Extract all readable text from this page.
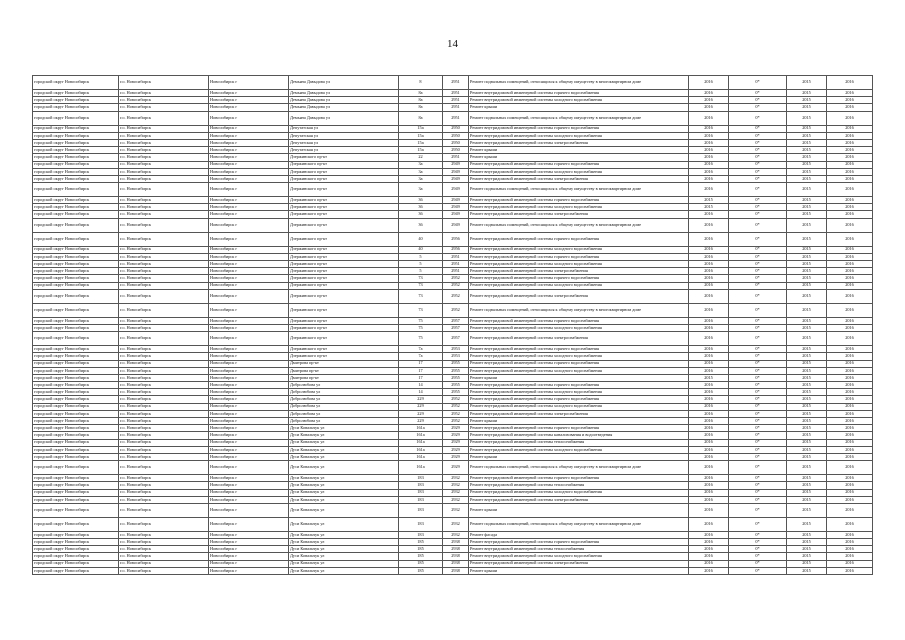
14
городской округ Новосибирск	г.о. Новосибирск	Новосибирск г	Демьяна Давыдова ул	8	2951	Ремонт подвальных помещений, относящихся к общему имуществу в многоквартирном доме	2016	0*	2015	2016
городской округ Новосибирск	г.о. Новосибирск	Новосибирск г	Демьяна Давыдова ул	8а	2951	Ремонт внутридомовой инженерной системы горячего водоснабжения	2016	0*	2015	2016
городской округ Новосибирск	г.о. Новосибирск	Новосибирск г	Демьяна Давыдова ул	8а	2951	Ремонт внутридомовой инженерной системы холодного водоснабжения	2016	0*	2015	2016
городской округ Новосибирск	г.о. Новосибирск	Новосибирск г	Демьяна Давыдова ул	8а	2951	Ремонт крыши	2016	0*	2015	2016
городской округ Новосибирск	г.о. Новосибирск	Новосибирск г	Демьяна Давыдова ул	8а	2951	Ремонт подвальных помещений, относящихся к общему имуществу в многоквартирном доме	2016	0*	2015	2016
городской округ Новосибирск	г.о. Новосибирск	Новосибирск г	Депутатская ул	15а	2950	Ремонт внутридомовой инженерной системы горячего водоснабжения	2016	0*	2015	2016
городской округ Новосибирск	г.о. Новосибирск	Новосибирск г	Депутатская ул	15а	2950	Ремонт внутридомовой инженерной системы холодного водоснабжения	2016	0*	2015	2016
городской округ Новосибирск	г.о. Новосибирск	Новосибирск г	Депутатская ул	15а	2950	Ремонт внутридомовой инженерной системы электроснабжения	2016	0*	2015	2016
городской округ Новосибирск	г.о. Новосибирск	Новосибирск г	Депутатская ул	15а	2950	Ремонт крыши	2016	0*	2015	2016
городской округ Новосибирск	г.о. Новосибирск	Новосибирск г	Дзержинского пр-кт	22	2951	Ремонт крыши	2016	0*	2015	2016
городской округ Новосибирск	г.о. Новосибирск	Новосибирск г	Дзержинского пр-кт	3а	2949	Ремонт внутридомовой инженерной системы горячего водоснабжения	2016	0*	2015	2016
городской округ Новосибирск	г.о. Новосибирск	Новосибирск г	Дзержинского пр-кт	3а	2949	Ремонт внутридомовой инженерной системы холодного водоснабжения	2016	0*	2015	2016
городской округ Новосибирск	г.о. Новосибирск	Новосибирск г	Дзержинского пр-кт	3а	2949	Ремонт внутридомовой инженерной системы электроснабжения	2016	0*	2015	2016
городской округ Новосибирск	г.о. Новосибирск	Новосибирск г	Дзержинского пр-кт	3а	2949	Ремонт подвальных помещений, относящихся к общему имуществу в многоквартирном доме	2016	0*	2015	2016
городской округ Новосибирск	г.о. Новосибирск	Новосибирск г	Дзержинского пр-кт	36	2949	Ремонт внутридомовой инженерной системы горячего водоснабжения	2015	0*	2015	2016
городской округ Новосибирск	г.о. Новосибирск	Новосибирск г	Дзержинского пр-кт	36	2949	Ремонт внутридомовой инженерной системы холодного водоснабжения	2015	0*	2015	2016
городской округ Новосибирск	г.о. Новосибирск	Новосибирск г	Дзержинского пр-кт	36	2949	Ремонт внутридомовой инженерной системы электроснабжения	2016	0*	2015	2016
городской округ Новосибирск	г.о. Новосибирск	Новосибирск г	Дзержинского пр-кт	36	2949	Ремонт подвальных помещений, относящихся к общему имуществу в многоквартирном доме	2016	0*	2015	2016
городской округ Новосибирск	г.о. Новосибирск	Новосибирск г	Дзержинского пр-кт	40	2956	Ремонт внутридомовой инженерной системы горячего водоснабжения	2016	0*	2015	2016
городской округ Новосибирск	г.о. Новосибирск	Новосибирск г	Дзержинского пр-кт	40	2956	Ремонт внутридомовой инженерной системы холодного водоснабжения	2016	0*	2015	2016
городской округ Новосибирск	г.о. Новосибирск	Новосибирск г	Дзержинского пр-кт	5	2951	Ремонт внутридомовой инженерной системы горячего водоснабжения	2016	0*	2015	2016
городской округ Новосибирск	г.о. Новосибирск	Новосибирск г	Дзержинского пр-кт	5	2951	Ремонт внутридомовой инженерной системы холодного водоснабжения	2016	0*	2015	2016
городской округ Новосибирск	г.о. Новосибирск	Новосибирск г	Дзержинского пр-кт	5	2951	Ремонт внутридомовой инженерной системы электроснабжения	2016	0*	2015	2016
городской округ Новосибирск	г.о. Новосибирск	Новосибирск г	Дзержинского пр-кт	73	2952	Ремонт внутридомовой инженерной системы горячего водоснабжения	2016	0*	2015	2016
городской округ Новосибирск	г.о. Новосибирск	Новосибирск г	Дзержинского пр-кт	73	2952	Ремонт внутридомовой инженерной системы холодного водоснабжения	2016	0*	2015	2016
городской округ Новосибирск	г.о. Новосибирск	Новосибирск г	Дзержинского пр-кт	73	2952	Ремонт внутридомовой инженерной системы электроснабжения	2016	0*	2015	2016
городской округ Новосибирск	г.о. Новосибирск	Новосибирск г	Дзержинского пр-кт	73	2952	Ремонт подвальных помещений, относящихся к общему имуществу в многоквартирном доме	2016	0*	2015	2016
городской округ Новосибирск	г.о. Новосибирск	Новосибирск г	Дзержинского пр-кт	75	2957	Ремонт внутридомовой инженерной системы горячего водоснабжения	2016	0*	2015	2016
городской округ Новосибирск	г.о. Новосибирск	Новосибирск г	Дзержинского пр-кт	75	2957	Ремонт внутридомовой инженерной системы холодного водоснабжения	2016	0*	2015	2016
городской округ Новосибирск	г.о. Новосибирск	Новосибирск г	Дзержинского пр-кт	75	2957	Ремонт внутридомовой инженерной системы электроснабжения	2016	0*	2015	2016
городской округ Новосибирск	г.о. Новосибирск	Новосибирск г	Дзержинского пр-кт	7а	2953	Ремонт внутридомовой инженерной системы горячего водоснабжения	2016	0*	2015	2016
городской округ Новосибирск	г.о. Новосибирск	Новосибирск г	Дзержинского пр-кт	7а	2953	Ремонт внутридомовой инженерной системы холодного водоснабжения	2016	0*	2015	2016
городской округ Новосибирск	г.о. Новосибирск	Новосибирск г	Дмитрова пр-кт	17	2955	Ремонт внутридомовой инженерной системы горячего водоснабжения	2016	0*	2015	2016
городской округ Новосибирск	г.о. Новосибирск	Новосибирск г	Дмитрова пр-кт	17	2955	Ремонт внутридомовой инженерной системы холодного водоснабжения	2016	0*	2015	2016
городской округ Новосибирск	г.о. Новосибирск	Новосибирск г	Дмитрова пр-кт	17	2955	Ремонт крыши	2015	0*	2015	2016
городской округ Новосибирск	г.о. Новосибирск	Новосибирск г	Добролюбова ул	14	2955	Ремонт внутридомовой инженерной системы горячего водоснабжения	2016	0*	2015	2016
городской округ Новосибирск	г.о. Новосибирск	Новосибирск г	Добролюбова ул	14	2955	Ремонт внутридомовой инженерной системы холодного водоснабжения	2016	0*	2015	2016
городской округ Новосибирск	г.о. Новосибирск	Новосибирск г	Добролюбова ул	229	2952	Ремонт внутридомовой инженерной системы горячего водоснабжения	2016	0*	2015	2016
городской округ Новосибирск	г.о. Новосибирск	Новосибирск г	Добролюбова ул	229	2952	Ремонт внутридомовой инженерной системы холодного водоснабжения	2016	0*	2015	2016
городской округ Новосибирск	г.о. Новосибирск	Новосибирск г	Добролюбова ул	229	2952	Ремонт внутридомовой инженерной системы электроснабжения	2016	0*	2015	2016
городской округ Новосибирск	г.о. Новосибирск	Новосибирск г	Добролюбова ул	229	2952	Ремонт крыши	2016	0*	2015	2016
городской округ Новосибирск	г.о. Новосибирск	Новосибирск г	Дуси Ковальчук ул	161а	2929	Ремонт внутридомовой инженерной системы горячего водоснабжения	2016	0*	2015	2016
городской округ Новосибирск	г.о. Новосибирск	Новосибирск г	Дуси Ковальчук ул	161а	2929	Ремонт внутридомовой инженерной системы канализования и водоотведения	2016	0*	2015	2016
городской округ Новосибирск	г.о. Новосибирск	Новосибирск г	Дуси Ковальчук ул	161а	2929	Ремонт внутридомовой инженерной системы теплоснабжения	2016	0*	2015	2016
городской округ Новосибирск	г.о. Новосибирск	Новосибирск г	Дуси Ковальчук ул	161а	2929	Ремонт внутридомовой инженерной системы холодного водоснабжения	2016	0*	2015	2016
городской округ Новосибирск	г.о. Новосибирск	Новосибирск г	Дуси Ковальчук ул	161а	2929	Ремонт крыши	2016	0*	2015	2016
городской округ Новосибирск	г.о. Новосибирск	Новосибирск г	Дуси Ковальчук ул	161а	2929	Ремонт подвальных помещений, относящихся к общему имуществу в многоквартирном доме	2016	0*	2015	2016
городской округ Новосибирск	г.о. Новосибирск	Новосибирск г	Дуси Ковальчук ул	183	2932	Ремонт внутридомовой инженерной системы горячего водоснабжения	2016	0*	2015	2016
городской округ Новосибирск	г.о. Новосибирск	Новосибирск г	Дуси Ковальчук ул	183	2932	Ремонт внутридомовой инженерной системы теплоснабжения	2016	0*	2015	2016
городской округ Новосибирск	г.о. Новосибирск	Новосибирск г	Дуси Ковальчук ул	183	2932	Ремонт внутридомовой инженерной системы холодного водоснабжения	2016	0*	2015	2016
городской округ Новосибирск	г.о. Новосибирск	Новосибирск г	Дуси Ковальчук ул	183	2932	Ремонт внутридомовой инженерной системы электроснабжения	2016	0*	2015	2016
городской округ Новосибирск	г.о. Новосибирск	Новосибирск г	Дуси Ковальчук ул	183	2932	Ремонт крыши	2016	0*	2015	2016
городской округ Новосибирск	г.о. Новосибирск	Новосибирск г	Дуси Ковальчук ул	183	2932	Ремонт подвальных помещений, относящихся к общему имуществу в многоквартирном доме	2016	0*	2015	2016
городской округ Новосибирск	г.о. Новосибирск	Новосибирск г	Дуси Ковальчук ул	183	2932	Ремонт фасада	2016	0*	2015	2016
городской округ Новосибирск	г.о. Новосибирск	Новосибирск г	Дуси Ковальчук ул	185	2938	Ремонт внутридомовой инженерной системы горячего водоснабжения	2016	0*	2015	2016
городской округ Новосибирск	г.о. Новосибирск	Новосибирск г	Дуси Ковальчук ул	185	2938	Ремонт внутридомовой инженерной системы теплоснабжения	2016	0*	2015	2016
городской округ Новосибирск	г.о. Новосибирск	Новосибирск г	Дуси Ковальчук ул	185	2938	Ремонт внутридомовой инженерной системы холодного водоснабжения	2016	0*	2015	2016
городской округ Новосибирск	г.о. Новосибирск	Новосибирск г	Дуси Ковальчук ул	185	2938	Ремонт внутридомовой инженерной системы электроснабжения	2016	0*	2015	2016
городской округ Новосибирск	г.о. Новосибирск	Новосибирск г	Дуси Ковальчук ул	185	2938	Ремонт крыши	2016	0*	2015	2016
